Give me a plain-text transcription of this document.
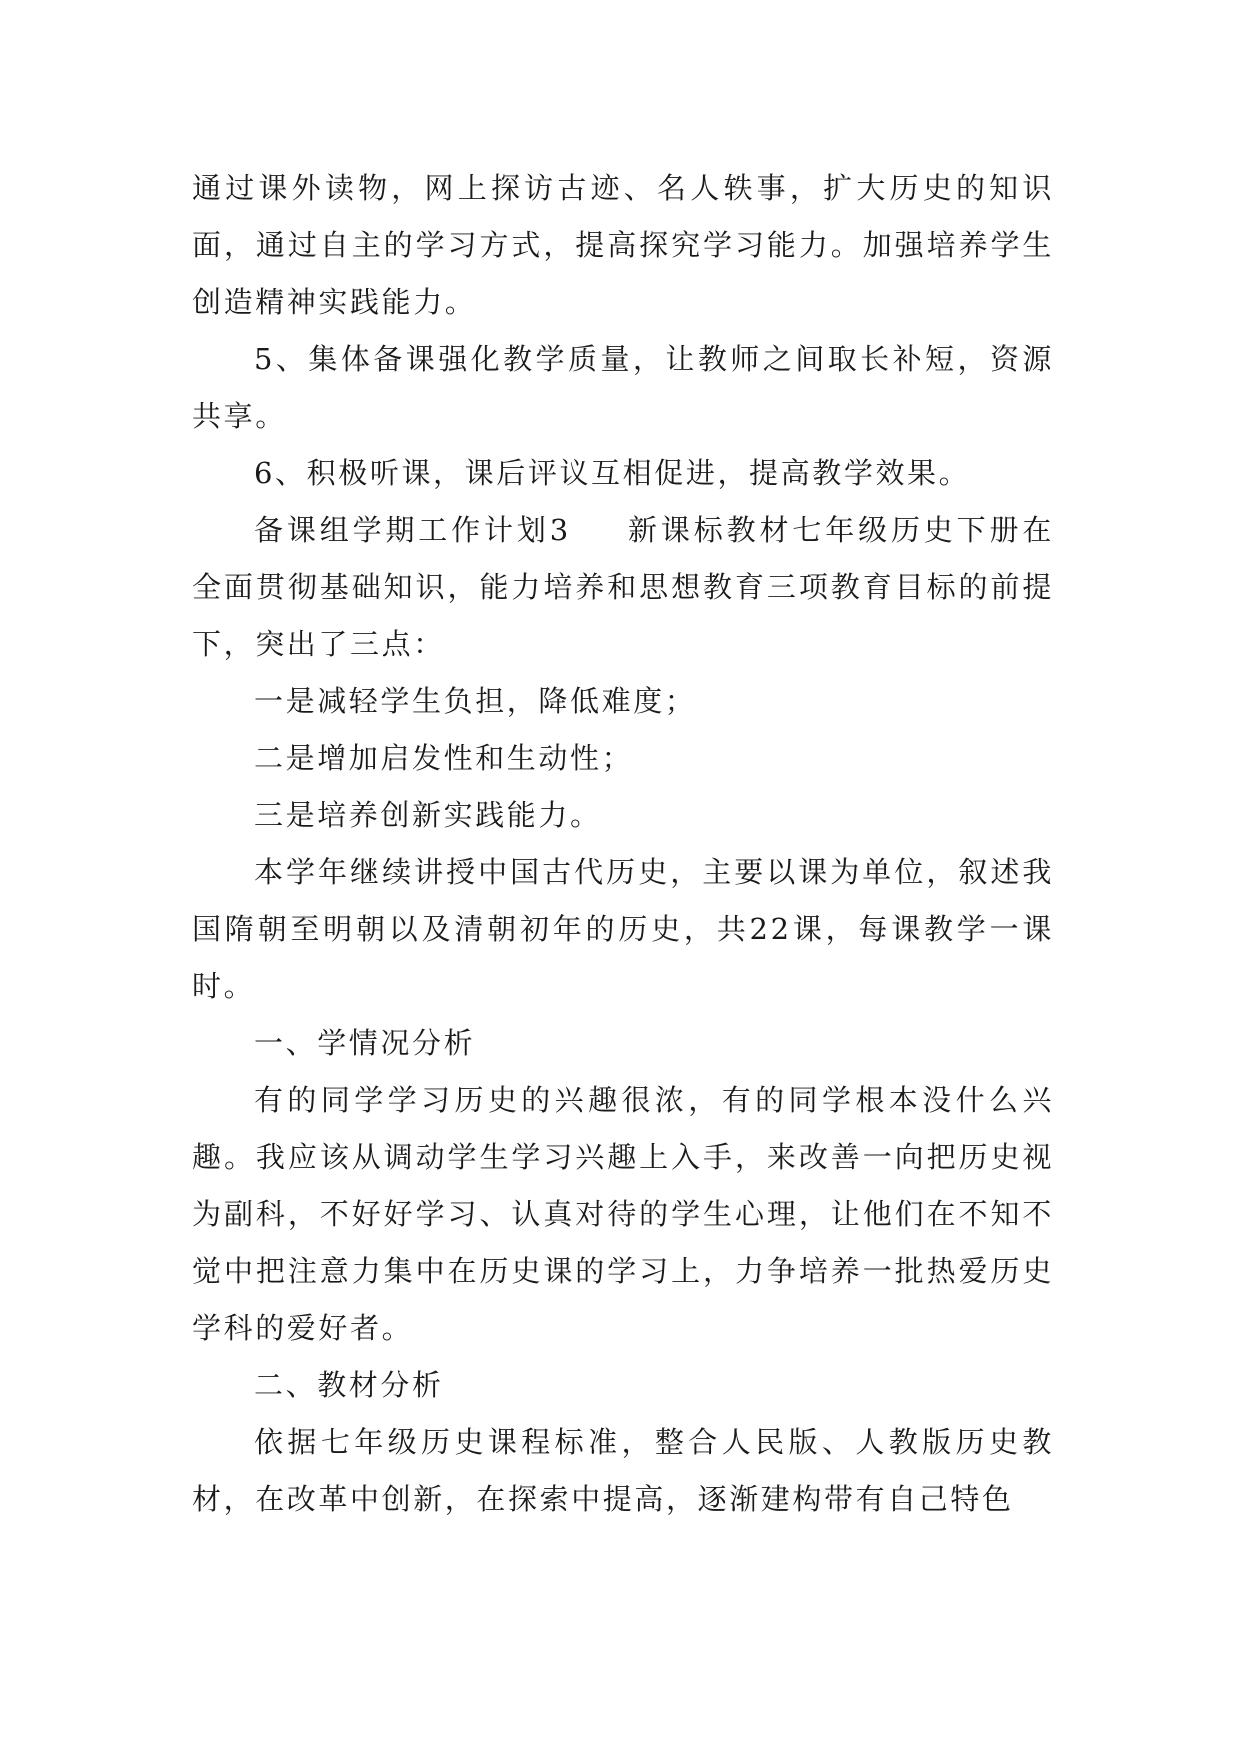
通过课外读物，网上探访古迹、名人轶事，扩大历史的知识面，通过自主的学习方式，提高探究学习能力。加强培养学生创造精神实践能力。

5、集体备课强化教学质量，让教师之间取长补短，资源共享。

6、积极听课，课后评议互相促进，提高教学效果。

备课组学期工作计划3 新课标教材七年级历史下册在全面贯彻基础知识，能力培养和思想教育三项教育目标的前提下，突出了三点：

一是减轻学生负担，降低难度；

二是增加启发性和生动性；

三是培养创新实践能力。

本学年继续讲授中国古代历史，主要以课为单位，叙述我国隋朝至明朝以及清朝初年的历史，共22课，每课教学一课时。

一、学情况分析

有的同学学习历史的兴趣很浓，有的同学根本没什么兴趣。我应该从调动学生学习兴趣上入手，来改善一向把历史视为副科，不好好学习、认真对待的学生心理，让他们在不知不觉中把注意力集中在历史课的学习上，力争培养一批热爱历史学科的爱好者。

二、教材分析

依据七年级历史课程标准，整合人民版、人教版历史教材，在改革中创新，在探索中提高，逐渐建构带有自己特色
